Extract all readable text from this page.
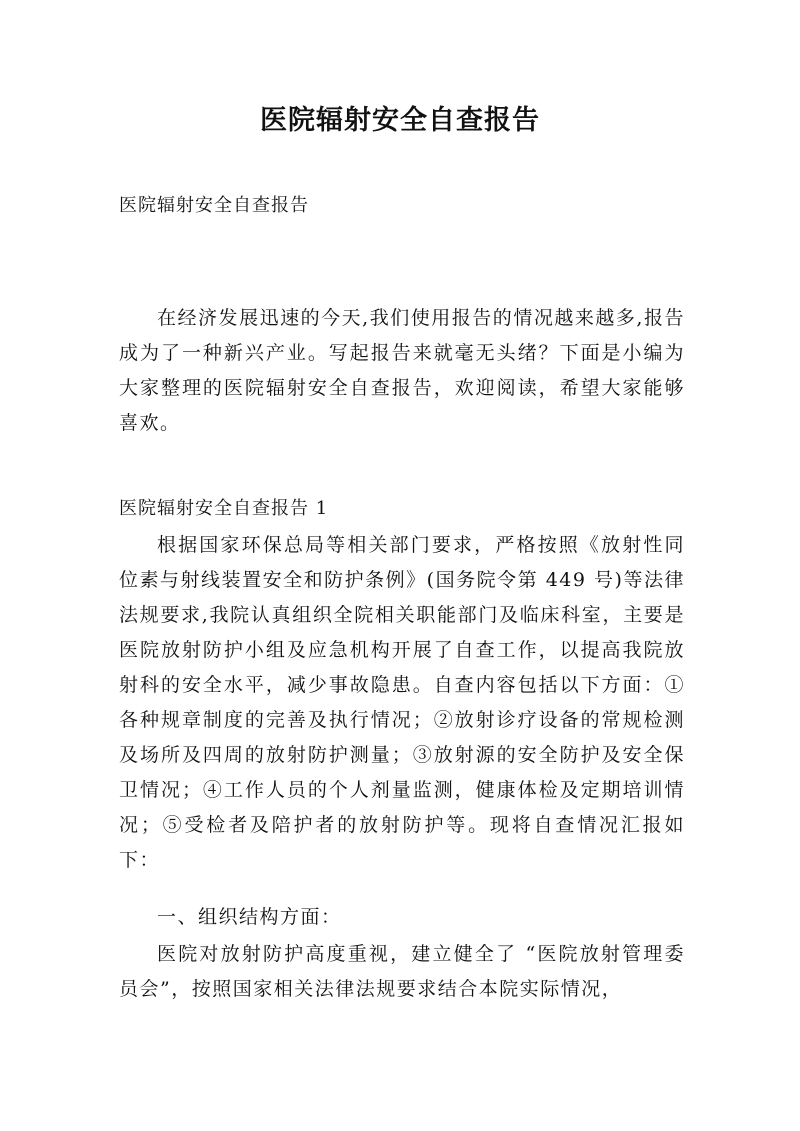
医院辐射安全自查报告
医院辐射安全自查报告
在经济发展迅速的今天,我们使用报告的情况越来越多,报告成为了一种新兴产业。写起报告来就毫无头绪？下面是小编为大家整理的医院辐射安全自查报告，欢迎阅读，希望大家能够喜欢。
医院辐射安全自查报告 1
根据国家环保总局等相关部门要求，严格按照《放射性同位素与射线装置安全和防护条例》(国务院令第 449 号)等法律法规要求,我院认真组织全院相关职能部门及临床科室，主要是医院放射防护小组及应急机构开展了自查工作，以提高我院放射科的安全水平，减少事故隐患。自查内容包括以下方面：①各种规章制度的完善及执行情况；②放射诊疗设备的常规检测及场所及四周的放射防护测量；③放射源的安全防护及安全保卫情况；④工作人员的个人剂量监测，健康体检及定期培训情况；⑤受检者及陪护者的放射防护等。现将自查情况汇报如下：
一、组织结构方面：
医院对放射防护高度重视，建立健全了 “医院放射管理委员会”，按照国家相关法律法规要求结合本院实际情况，
